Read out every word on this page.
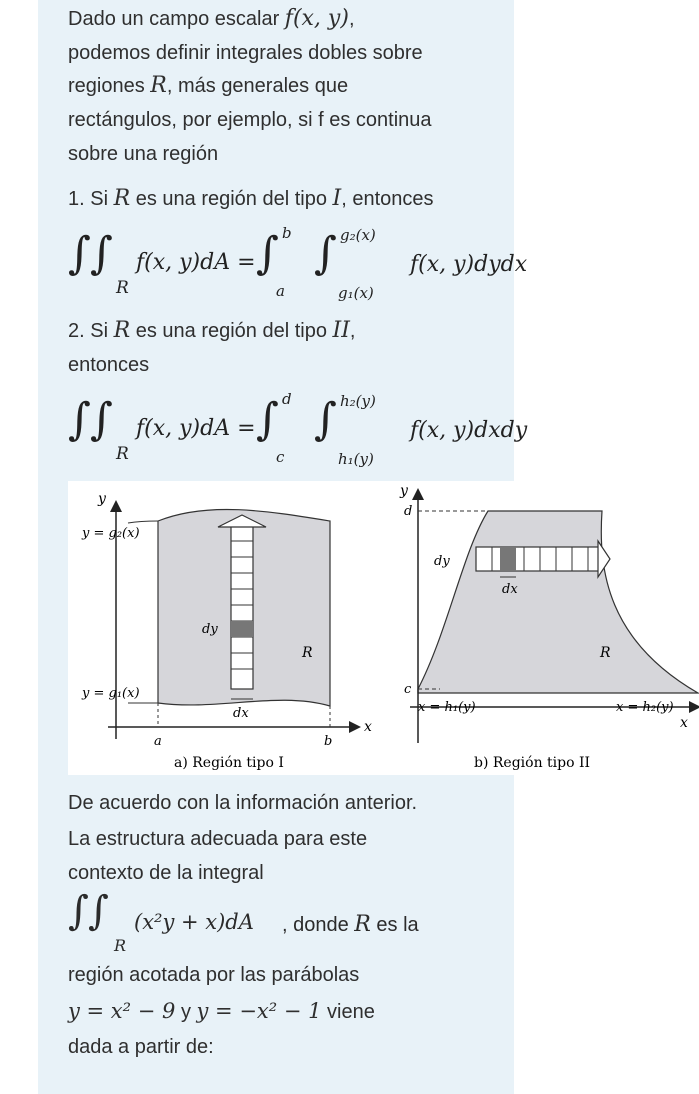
Dado un campo escalar f(x, y),
podemos definir integrales dobles sobre
regiones R, más generales que
rectángulos, por ejemplo, si f es continua
sobre una región
1. Si R es una región del tipo I, entonces
∫ ∫
R
f(x, y)dA = ∫ b
a
∫ g₂(x)
g₁(x)
f(x, y)dydx
2. Si R es una región del tipo II,
entonces
∫ ∫
R
f(x, y)dA = ∫ d
c
∫ h₂(y)
h₁(y)
f(x, y)dxdy
y
x
y = g₂(x)
y = g₁(x)
dy
dx
R
a	b
a) Región tipo I
y
d
c
dy
dx
R
x = h₁(y)	x = h₂(y)
x
b) Región tipo II
De acuerdo con la información anterior.
La estructura adecuada para este
contexto de la integral
∫ ∫
R
(x²y + x)dA , donde R es la
región acotada por las parábolas
y = x² − 9 y y = −x² − 1 viene
dada a partir de:
